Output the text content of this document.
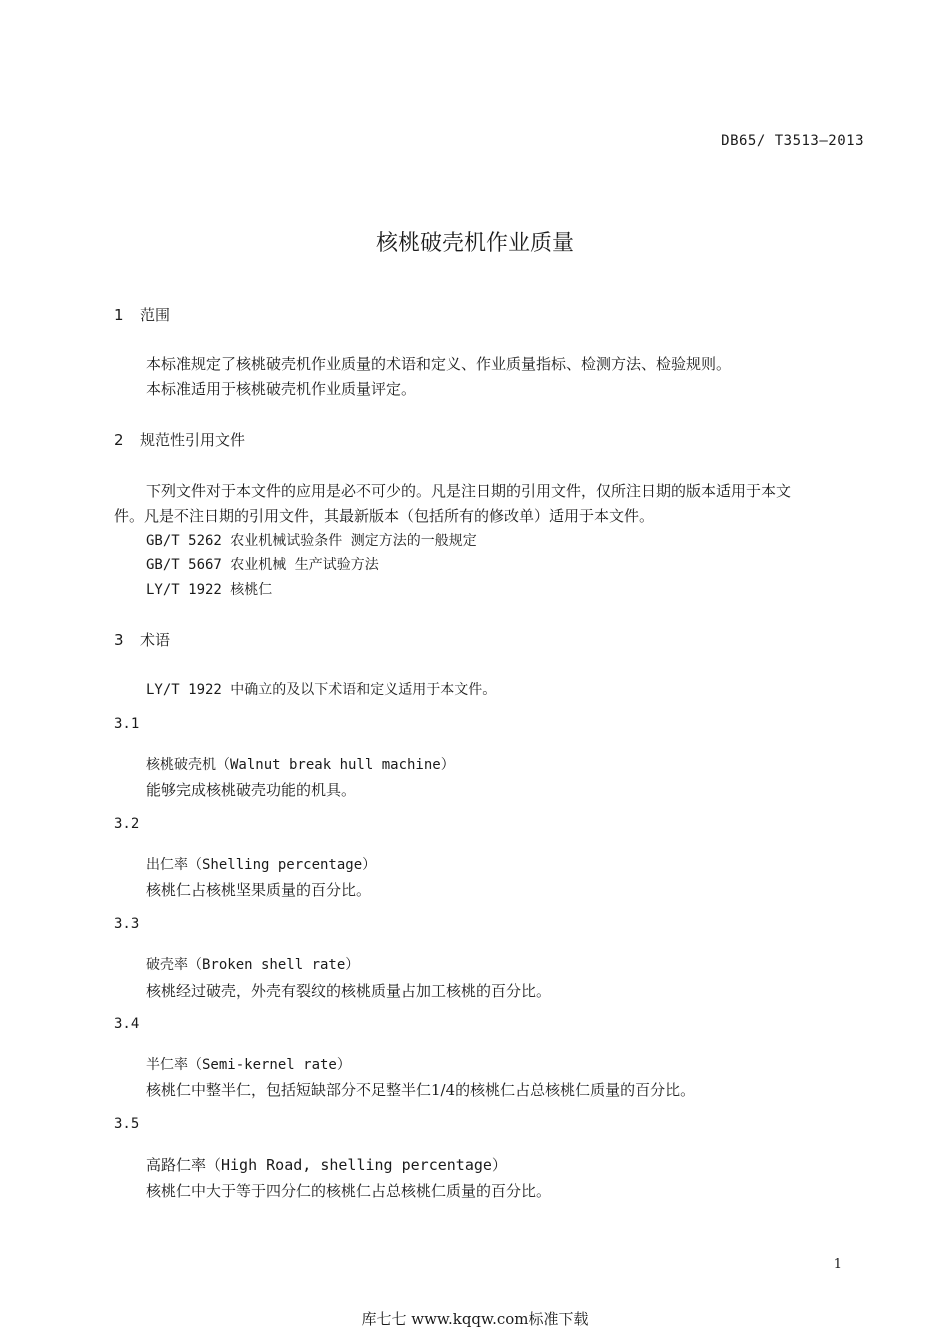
DB65/ T3513—2013
核桃破壳机作业质量
1 范围
本标准规定了核桃破壳机作业质量的术语和定义、作业质量指标、检测方法、检验规则。
本标准适用于核桃破壳机作业质量评定。
2 规范性引用文件
下列文件对于本文件的应用是必不可少的。凡是注日期的引用文件，仅所注日期的版本适用于本文
件。凡是不注日期的引用文件，其最新版本（包括所有的修改单）适用于本文件。
GB/T 5262 农业机械试验条件 测定方法的一般规定
GB/T 5667 农业机械 生产试验方法
LY/T 1922 核桃仁
3 术语
LY/T 1922 中确立的及以下术语和定义适用于本文件。
3.1
核桃破壳机（Walnut break hull machine）
能够完成核桃破壳功能的机具。
3.2
出仁率（Shelling percentage）
核桃仁占核桃坚果质量的百分比。
3.3
破壳率（Broken shell rate）
核桃经过破壳，外壳有裂纹的核桃质量占加工核桃的百分比。
3.4
半仁率（Semi-kernel rate）
核桃仁中整半仁，包括短缺部分不足整半仁1/4的核桃仁占总核桃仁质量的百分比。
3.5
高路仁率（High Road, shelling percentage）
核桃仁中大于等于四分仁的核桃仁占总核桃仁质量的百分比。
1
库七七 www.kqqw.com标准下载
